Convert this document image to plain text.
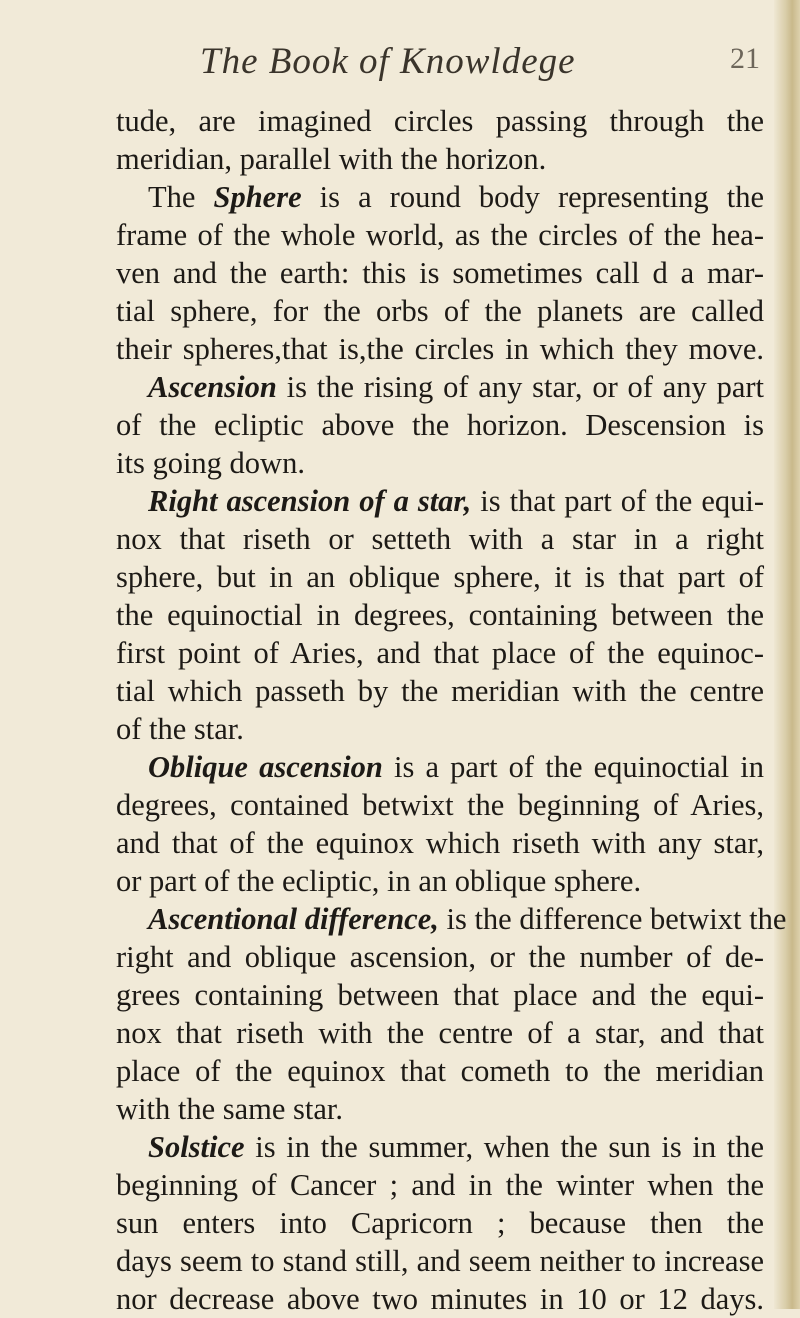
The Book of Knowldege	21
tude, are imagined circles passing through the
meridian, parallel with the horizon.
The Sphere is a round body representing the
frame of the whole world, as the circles of the hea-
ven and the earth: this is sometimes call d a mar-
tial sphere, for the orbs of the planets are called
their spheres,that is,the circles in which they move.
Ascension is the rising of any star, or of any part
of the ecliptic above the horizon. Descension is
its going down.
Right ascension of a star, is that part of the equi-
nox that riseth or setteth with a star in a right
sphere, but in an oblique sphere, it is that part of
the equinoctial in degrees, containing between the
first point of Aries, and that place of the equinoc-
tial which passeth by the meridian with the centre
of the star.
Oblique ascension is a part of the equinoctial in
degrees, contained betwixt the beginning of Aries,
and that of the equinox which riseth with any star,
or part of the ecliptic, in an oblique sphere.
Ascentional difference, is the difference betwixt the
right and oblique ascension, or the number of de-
grees containing between that place and the equi-
nox that riseth with the centre of a star, and that
place of the equinox that cometh to the meridian
with the same star.
Solstice is in the summer, when the sun is in the
beginning of Cancer ; and in the winter when the
sun enters into Capricorn ; because then the
days seem to stand still, and seem neither to increase
nor decrease above two minutes in 10 or 12 days.
